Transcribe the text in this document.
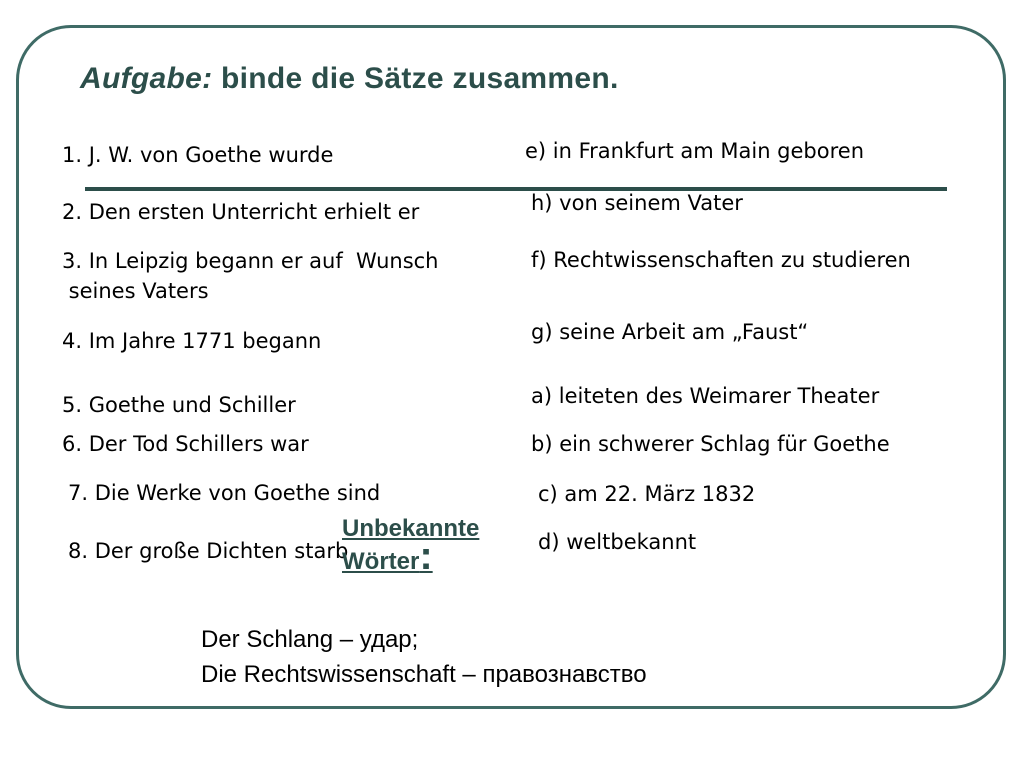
Aufgabe: binde die Sätze zusammen.
1. J. W. von Goethe wurde
2. Den ersten Unterricht erhielt er
3. In Leipzig begann er auf  Wunsch
seines Vaters
4. Im Jahre 1771 begann
5. Goethe und Schiller
6. Der Tod Schillers war
7. Die Werke von Goethe sind
8. Der große Dichten starb
e) in Frankfurt am Main geboren
h) von seinem Vater
f) Rechtwissenschaften zu studieren
g) seine Arbeit am „Faust“
a) leiteten des Weimarer Theater
b) ein schwerer Schlag für Goethe
c) am 22. März 1832
d) weltbekannt
Unbekannte
Wörter:
Der Schlang – удар;
Die Rechtswissenschaft – правознавство
